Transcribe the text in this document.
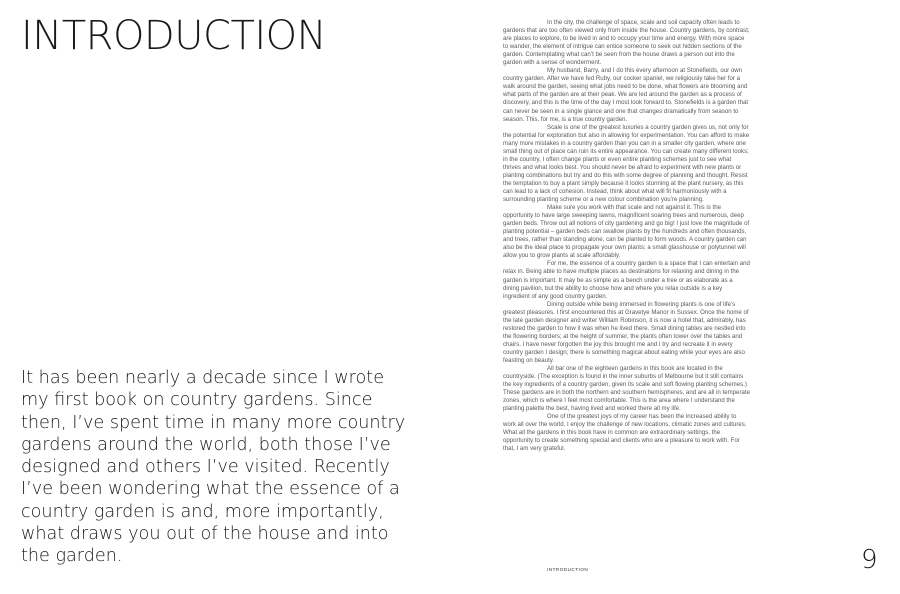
INTRODUCTION

It has been nearly a decade since I wrote my first book on country gardens. Since then, I’ve spent time in many more country gardens around the world, both those I’ve designed and others I’ve visited. Recently I’ve been wondering what the essence of a country garden is and, more importantly, what draws you out of the house and into the garden.

In the city, the challenge of space, scale and soil capacity often leads to gardens that are too often viewed only from inside the house. Country gardens, by contrast, are places to explore, to be lived in and to occupy your time and energy. With more space to wander, the element of intrigue can entice someone to seek out hidden sections of the garden. Contemplating what can’t be seen from the house draws a person out into the garden with a sense of wonderment.

My husband, Barry, and I do this every afternoon at Stonefields, our own country garden. After we have fed Ruby, our cocker spaniel, we religiously take her for a walk around the garden, seeing what jobs need to be done, what flowers are blooming and what parts of the garden are at their peak. We are led around the garden as a process of discovery, and this is the time of the day I most look forward to. Stonefields is a garden that can never be seen in a single glance and one that changes dramatically from season to season. This, for me, is a true country garden.

Scale is one of the greatest luxuries a country garden gives us, not only for the potential for exploration but also in allowing for experimentation. You can afford to make many more mistakes in a country garden than you can in a smaller city garden, where one small thing out of place can ruin its entire appearance. You can create many different looks; in the country, I often change plants or even entire planting schemes just to see what thrives and what looks best. You should never be afraid to experiment with new plants or planting combinations but try and do this with some degree of planning and thought. Resist the temptation to buy a plant simply because it looks stunning at the plant nursery, as this can lead to a lack of cohesion. Instead, think about what will fit harmoniously with a surrounding planting scheme or a new colour combination you’re planning.

Make sure you work with that scale and not against it. This is the opportunity to have large sweeping lawns, magnificent soaring trees and numerous, deep garden beds. Throw out all notions of city gardening and go big! I just love the magnitude of planting potential – garden beds can swallow plants by the hundreds and often thousands, and trees, rather than standing alone, can be planted to form woods. A country garden can also be the ideal place to propagate your own plants; a small glasshouse or polytunnel will allow you to grow plants at scale affordably.

For me, the essence of a country garden is a space that I can entertain and relax in. Being able to have multiple places as destinations for relaxing and dining in the garden is important. It may be as simple as a bench under a tree or as elaborate as a dining pavilion, but the ability to choose how and where you relax outside is a key ingredient of any good country garden.

Dining outside while being immersed in flowering plants is one of life’s greatest pleasures. I first encountered this at Gravetye Manor in Sussex. Once the home of the late garden designer and writer William Robinson, it is now a hotel that, admirably, has restored the garden to how it was when he lived there. Small dining tables are nestled into the flowering borders; at the height of summer, the plants often tower over the tables and chairs. I have never forgotten the joy this brought me and I try and recreate it in every country garden I design; there is something magical about eating while your eyes are also feasting on beauty.

All bar one of the eighteen gardens in this book are located in the countryside. (The exception is found in the inner suburbs of Melbourne but it still contains the key ingredients of a country garden, given its scale and soft flowing planting schemes.) These gardens are in both the northern and southern hemispheres, and are all in temperate zones, which is where I feel most comfortable. This is the area where I understand the planting palette the best, having lived and worked there all my life.

One of the greatest joys of my career has been the increased ability to work all over the world. I enjoy the challenge of new locations, climatic zones and cultures. What all the gardens in this book have in common are extraordinary settings, the opportunity to create something special and clients who are a pleasure to work with. For that, I am very grateful.

INTRODUCTION	9
